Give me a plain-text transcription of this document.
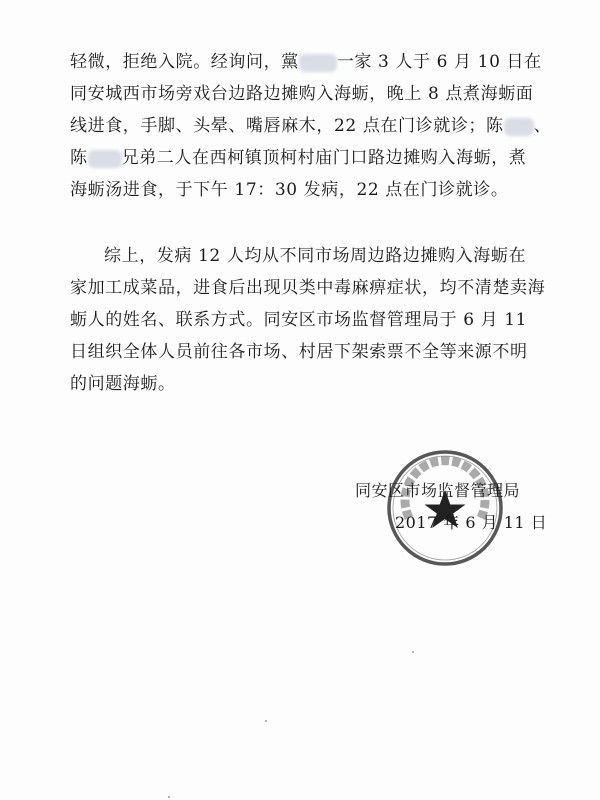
轻微，拒绝入院。经询问，黨 一家 3 人于 6 月 10 日在
同安城西市场旁戏台边路边摊购入海蛎，晚上 8 点煮海蛎面
线进食，手脚、头晕、嘴唇麻木，22 点在门诊就诊；陈 、
陈 兄弟二人在西柯镇顶柯村庙门口路边摊购入海蛎，煮
海蛎汤进食，于下午 17：30 发病，22 点在门诊就诊。
综上，发病 12 人均从不同市场周边路边摊购入海蛎在
家加工成菜品，进食后出现贝类中毒麻痹症状，均不清楚卖海
蛎人的姓名、联系方式。同安区市场监督管理局于 6 月 11
日组织全体人员前往各市场、村居下架索票不全等来源不明
的问题海蛎。
同安区市场监督管理局
2017 年 6 月 11 日
